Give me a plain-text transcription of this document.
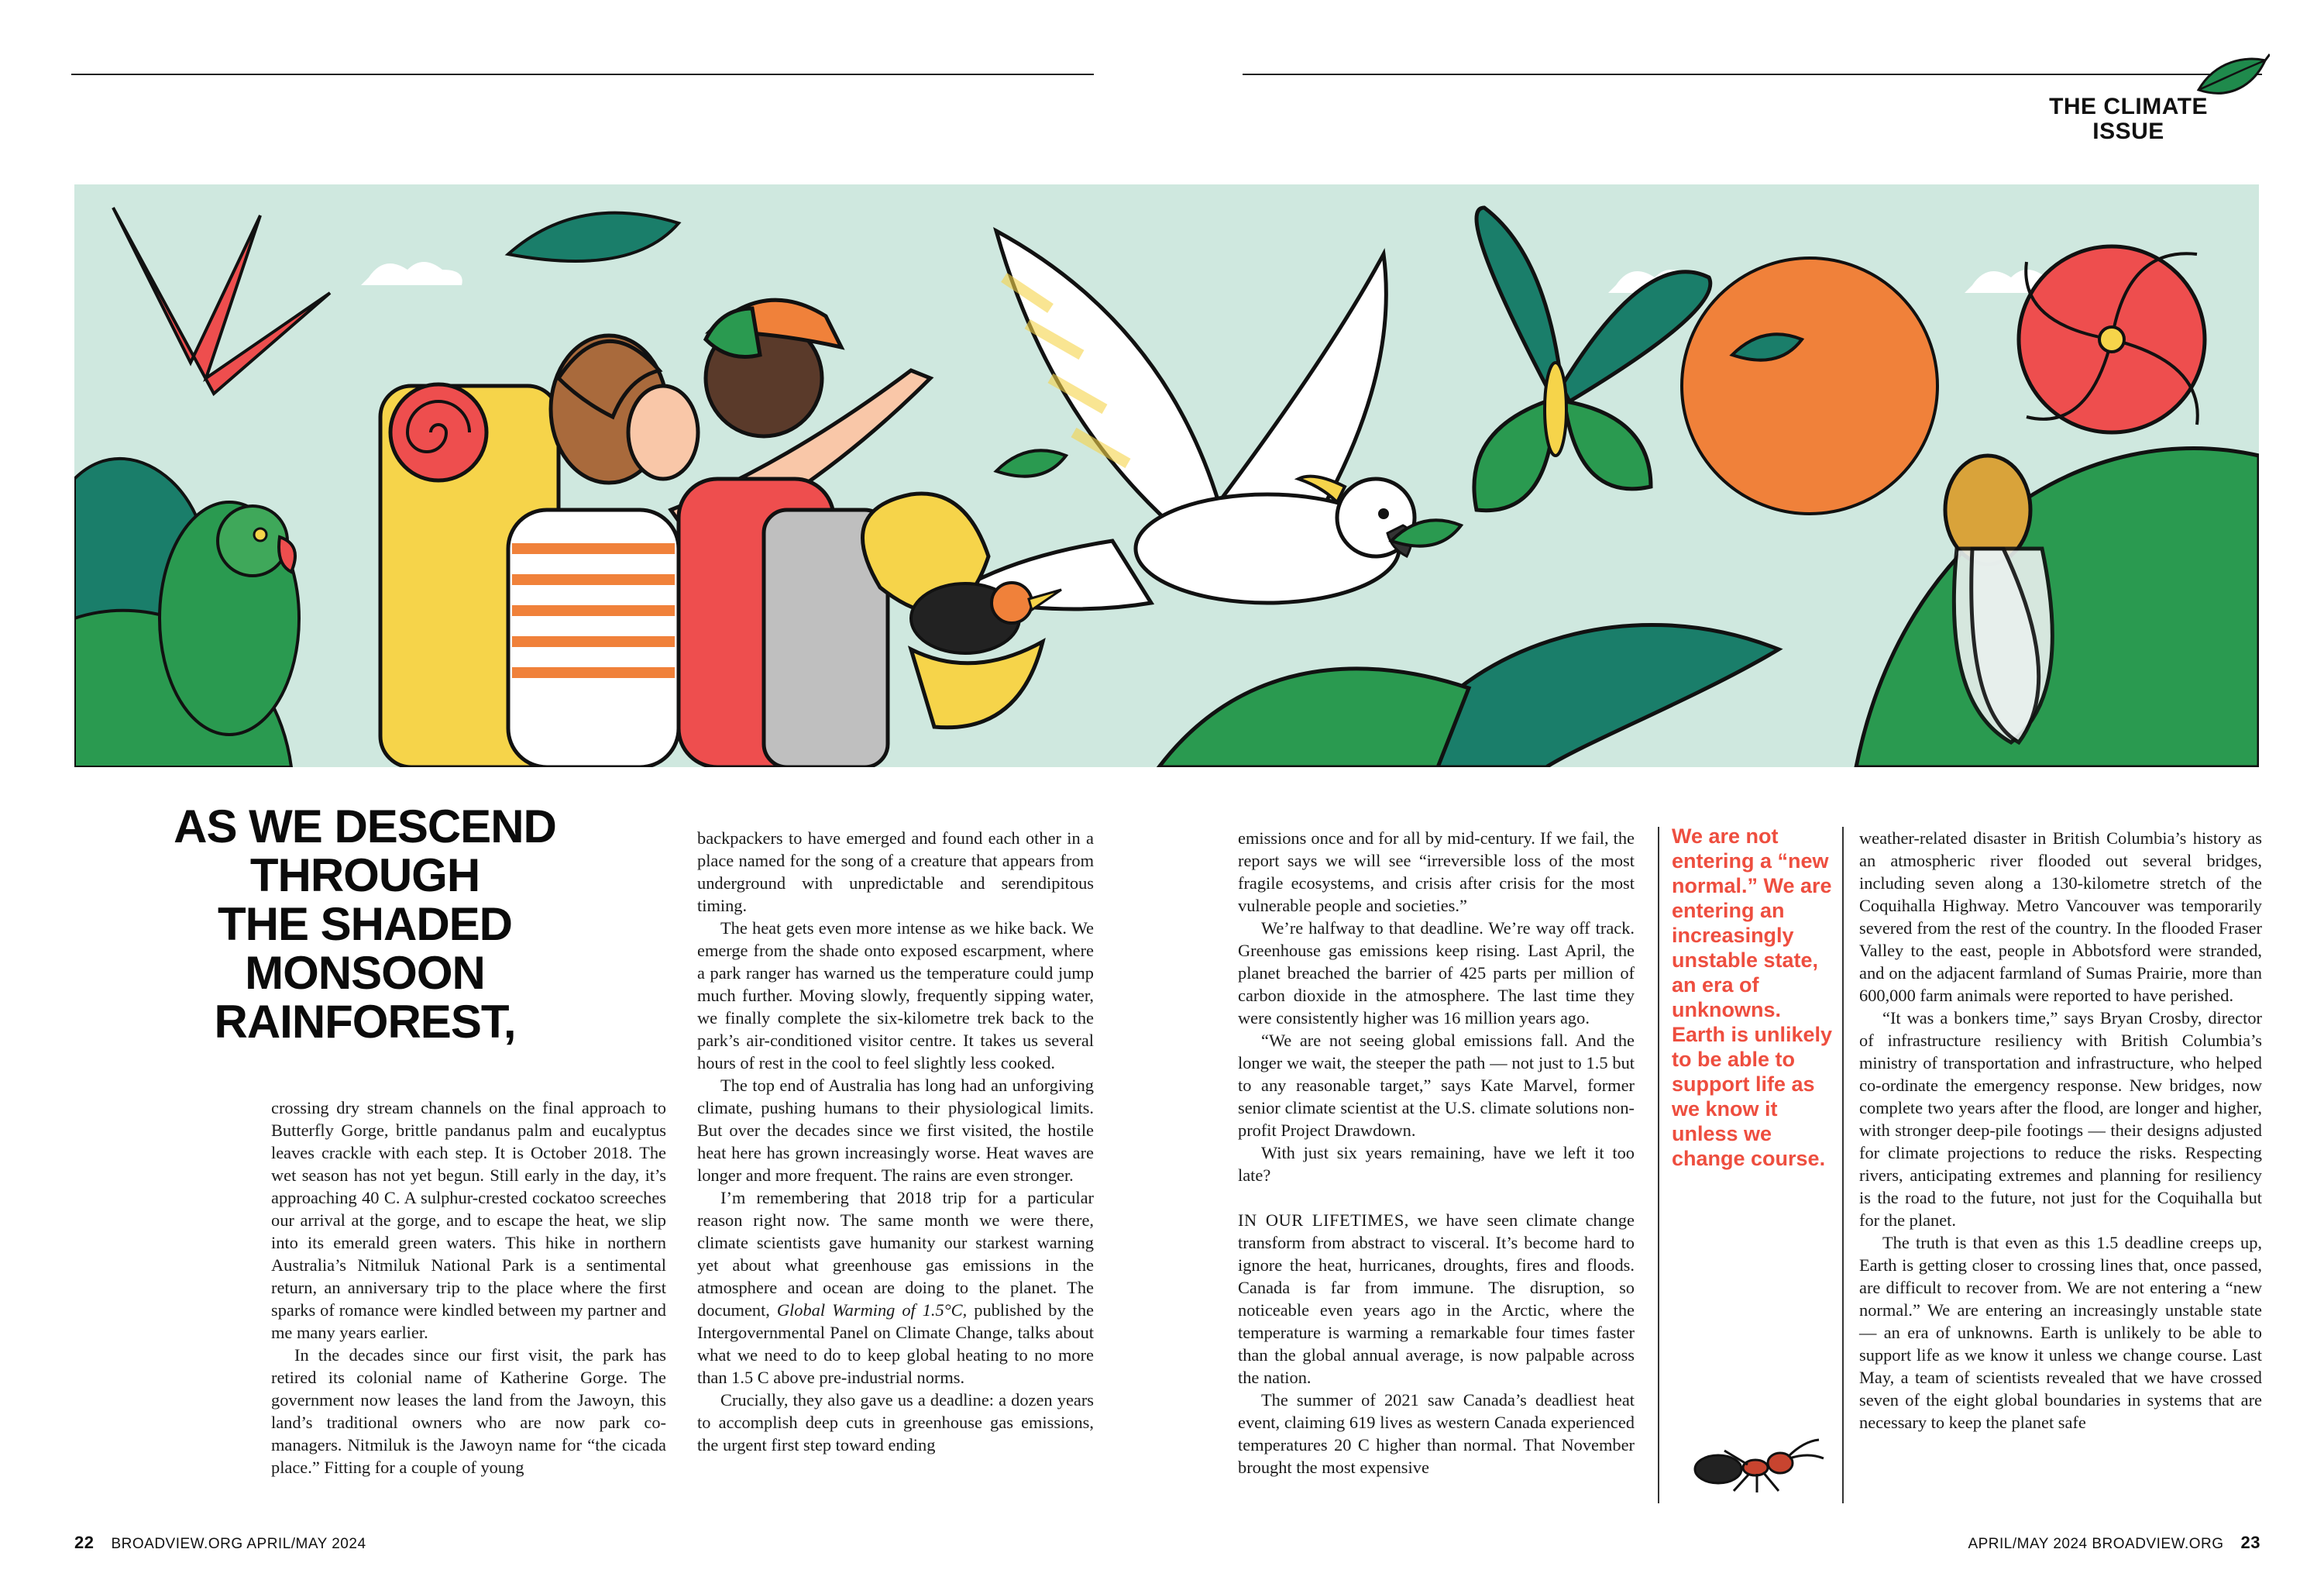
THE CLIMATE
ISSUE
AS WE DESCEND
THROUGH
THE SHADED
MONSOON
RAINFOREST,

crossing dry stream channels on the final approach to Butterfly Gorge, brittle pandanus palm and eucalyptus leaves crackle with each step. It is October 2018. The wet season has not yet begun. Still early in the day, it’s approaching 40 C. A sulphur-crested cockatoo screeches our arrival at the gorge, and to escape the heat, we slip into its emerald green waters. This hike in northern Australia’s Nitmiluk National Park is a sentimental return, an anniversary trip to the place where the first sparks of romance were kindled between my partner and me many years earlier.

In the decades since our first visit, the park has retired its colonial name of Katherine Gorge. The government now leases the land from the Jawoyn, this land’s traditional owners who are now park co-managers. Nitmiluk is the Jawoyn name for “the cicada place.” Fitting for a couple of young

backpackers to have emerged and found each other in a place named for the song of a creature that appears from underground with unpredictable and serendipitous timing.

The heat gets even more intense as we hike back. We emerge from the shade onto exposed escarpment, where a park ranger has warned us the temperature could jump much further. Moving slowly, frequently sipping water, we finally complete the six-kilometre trek back to the park’s air-conditioned visitor centre. It takes us several hours of rest in the cool to feel slightly less cooked.

The top end of Australia has long had an unforgiving climate, pushing humans to their physiological limits. But over the decades since we first visited, the hostile heat here has grown increasingly worse. Heat waves are longer and more frequent. The rains are even stronger.

I’m remembering that 2018 trip for a particular reason right now. The same month we were there, climate scientists gave humanity our starkest warning yet about what greenhouse gas emissions in the atmosphere and ocean are doing to the planet. The document, Global Warming of 1.5°C, published by the Intergovernmental Panel on Climate Change, talks about what we need to do to keep global heating to no more than 1.5 C above pre-industrial norms.

Crucially, they also gave us a deadline: a dozen years to accomplish deep cuts in greenhouse gas emissions, the urgent first step toward ending

emissions once and for all by mid-century. If we fail, the report says we will see “irreversible loss of the most fragile ecosystems, and crisis after crisis for the most vulnerable people and societies.”

We’re halfway to that deadline. We’re way off track. Greenhouse gas emissions keep rising. Last April, the planet breached the barrier of 425 parts per million of carbon dioxide in the atmosphere. The last time they were consistently higher was 16 million years ago.

“We are not seeing global emissions fall. And the longer we wait, the steeper the path — not just to 1.5 but to any reasonable target,” says Kate Marvel, former senior climate scientist at the U.S. climate solutions non-profit Project Drawdown.

With just six years remaining, have we left it too late?

IN OUR LIFETIMES, we have seen climate change transform from abstract to visceral. It’s become hard to ignore the heat, hurricanes, droughts, fires and floods. Canada is far from immune. The disruption, so noticeable even years ago in the Arctic, where the temperature is warming a remarkable four times faster than the global annual average, is now palpable across the nation.

The summer of 2021 saw Canada’s deadliest heat event, claiming 619 lives as western Canada experienced temperatures 20 C higher than normal. That November brought the most expensive

We are not entering a “new normal.” We are entering an increasingly unstable state, an era of unknowns. Earth is unlikely to be able to support life as we know it unless we change course.

weather-related disaster in British Columbia’s history as an atmospheric river flooded out several bridges, including seven along a 130-kilometre stretch of the Coquihalla Highway. Metro Vancouver was temporarily severed from the rest of the country. In the flooded Fraser Valley to the east, people in Abbotsford were stranded, and on the adjacent farmland of Sumas Prairie, more than 600,000 farm animals were reported to have perished.

“It was a bonkers time,” says Bryan Crosby, director of infrastructure resiliency with British Columbia’s ministry of transportation and infrastructure, who helped co-ordinate the emergency response. New bridges, now complete two years after the flood, are longer and higher, with stronger deep-pile footings — their designs adjusted for climate projections to reduce the risks. Respecting rivers, anticipating extremes and planning for resiliency is the road to the future, not just for the Coquihalla but for the planet.

The truth is that even as this 1.5 deadline creeps up, Earth is getting closer to crossing lines that, once passed, are difficult to recover from. We are not entering a “new normal.” We are entering an increasingly unstable state — an era of unknowns. Earth is unlikely to be able to support life as we know it unless we change course. Last May, a team of scientists revealed that we have crossed seven of the eight global boundaries in systems that are necessary to keep the planet safe

22 BROADVIEW.ORG APRIL/MAY 2024	APRIL/MAY 2024 BROADVIEW.ORG 23
